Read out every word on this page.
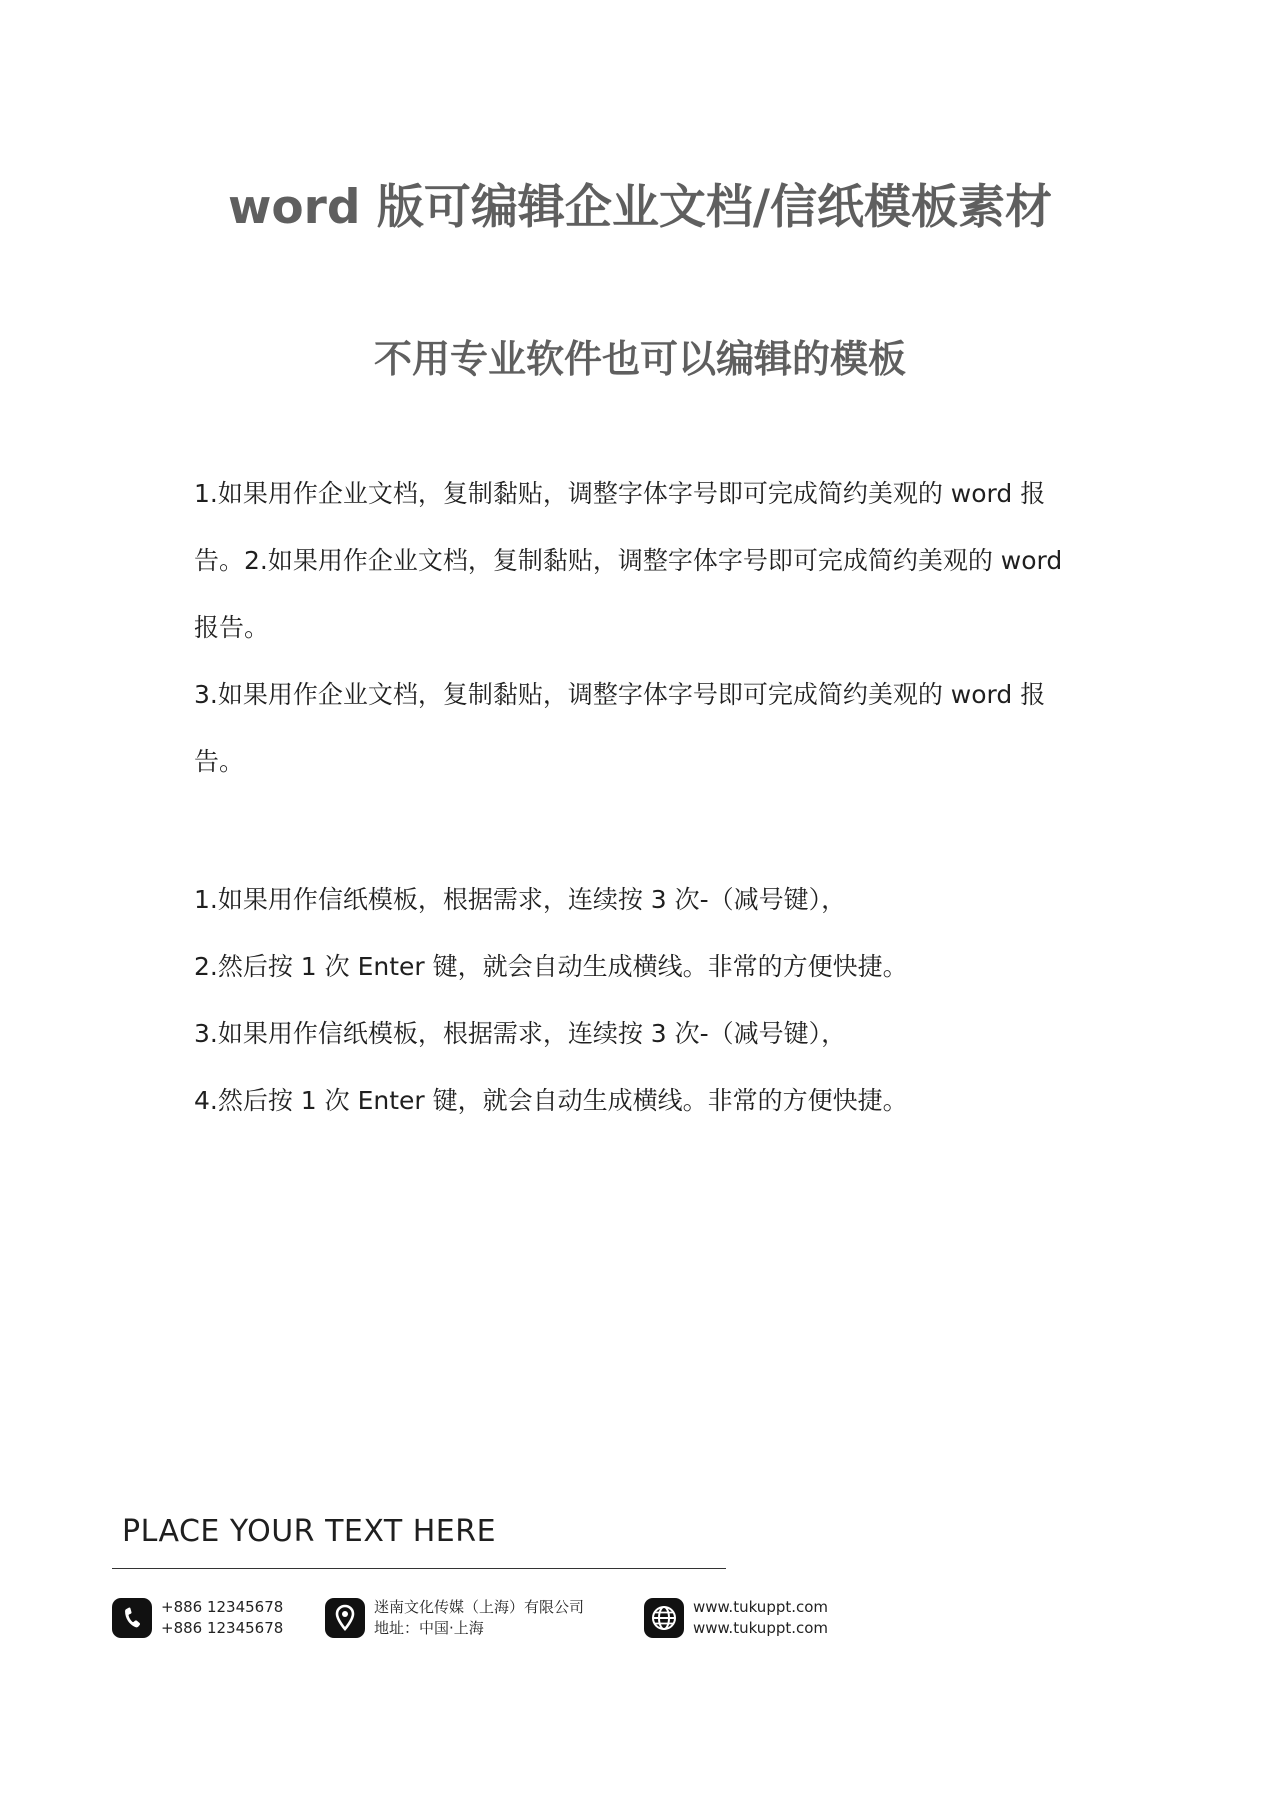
word 版可编辑企业文档/信纸模板素材
不用专业软件也可以编辑的模板

1.如果用作企业文档，复制黏贴，调整字体字号即可完成简约美观的 word 报告。2.如果用作企业文档，复制黏贴，调整字体字号即可完成简约美观的 word 报告。

3.如果用作企业文档，复制黏贴，调整字体字号即可完成简约美观的 word 报告。

1.如果用作信纸模板，根据需求，连续按 3 次-（减号键），

2.然后按 1 次 Enter 键，就会自动生成横线。非常的方便快捷。

3.如果用作信纸模板，根据需求，连续按 3 次-（减号键），

4.然后按 1 次 Enter 键，就会自动生成横线。非常的方便快捷。

PLACE YOUR TEXT HERE
+886 12345678
+886 12345678
迷南文化传媒（上海）有限公司
地址：中国·上海
www.tukuppt.com
www.tukuppt.com
